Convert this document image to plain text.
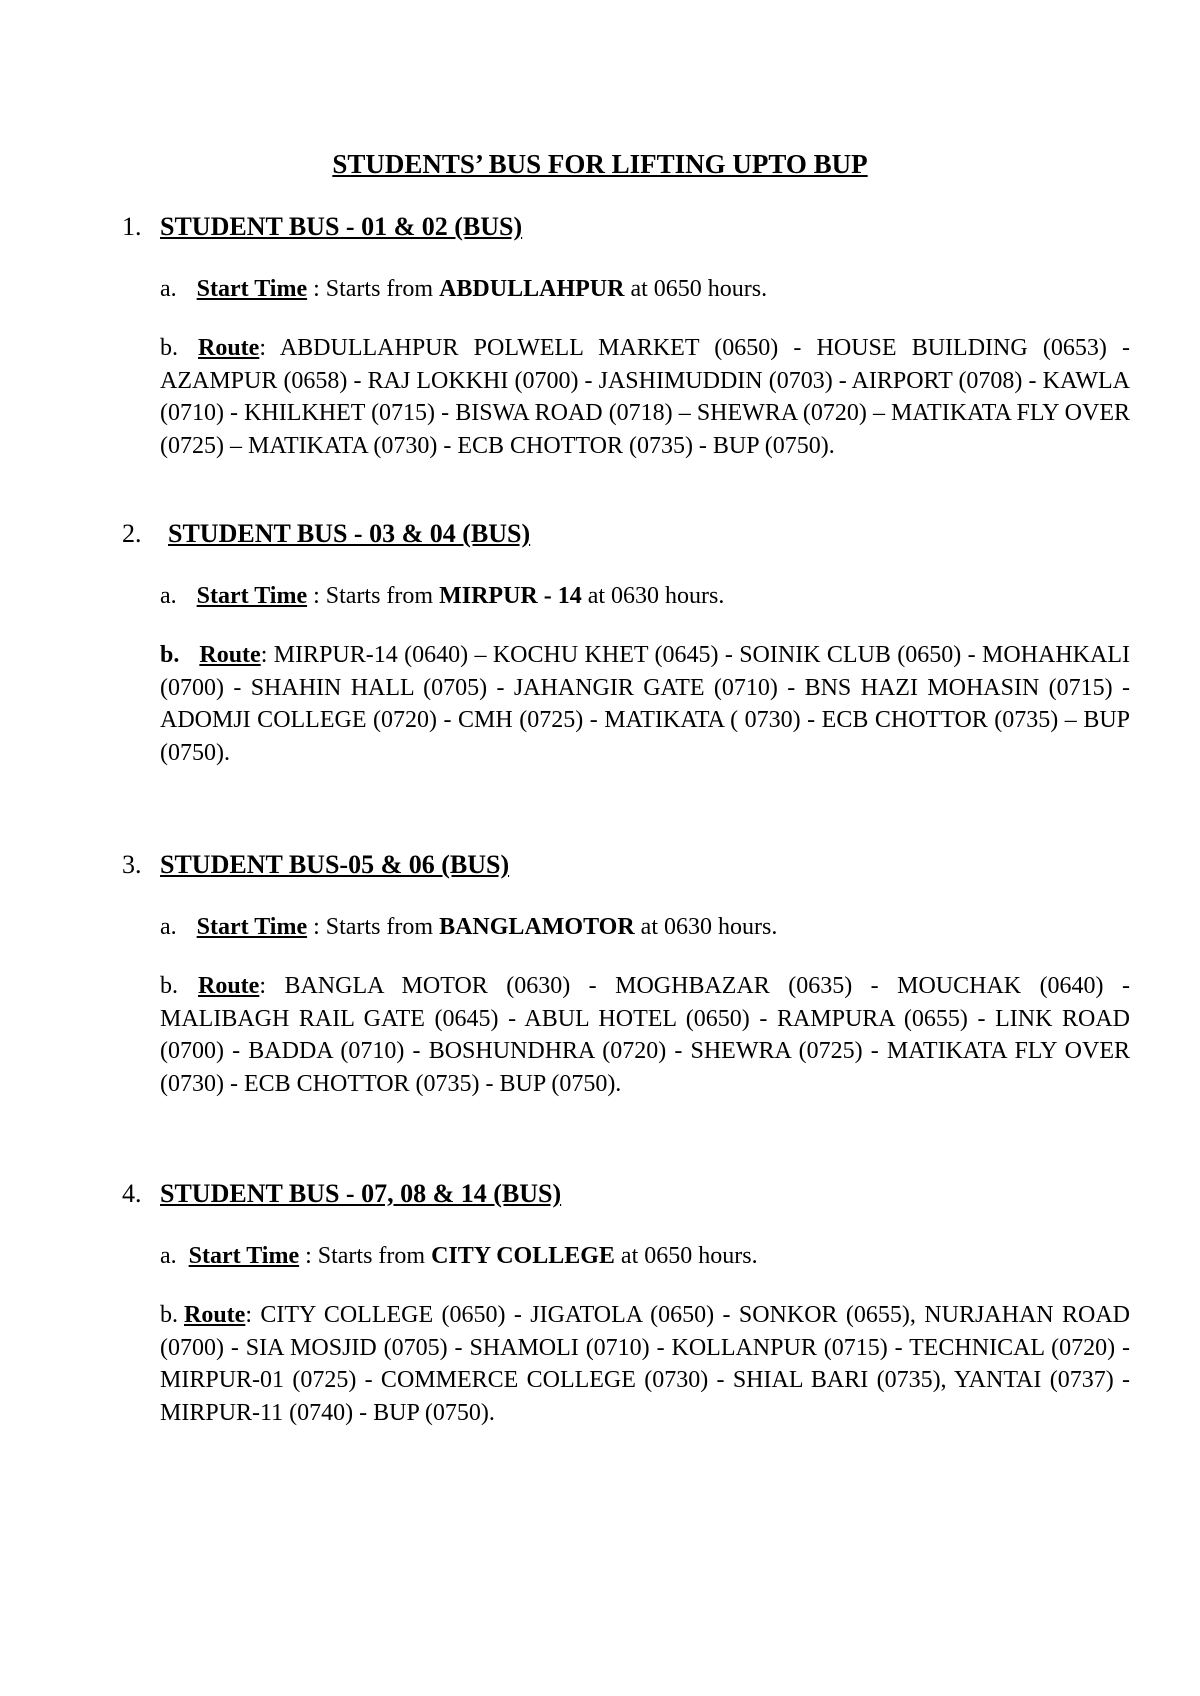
STUDENTS’ BUS FOR LIFTING UPTO BUP
1. STUDENT BUS - 01 & 02 (BUS)
a. Start Time : Starts from ABDULLAHPUR at 0650 hours.
b. Route: ABDULLAHPUR POLWELL MARKET (0650) - HOUSE BUILDING (0653) - AZAMPUR (0658) - RAJ LOKKHI (0700) - JASHIMUDDIN (0703) - AIRPORT (0708) - KAWLA (0710) - KHILKHET (0715) - BISWA ROAD (0718) – SHEWRA (0720) – MATIKATA FLY OVER (0725) – MATIKATA (0730) - ECB CHOTTOR (0735) - BUP (0750).
2. STUDENT BUS - 03 & 04 (BUS)
a. Start Time : Starts from MIRPUR - 14 at 0630 hours.
b. Route: MIRPUR-14 (0640) – KOCHU KHET (0645) - SOINIK CLUB (0650) - MOHAHKALI (0700) - SHAHIN HALL (0705) - JAHANGIR GATE (0710) - BNS HAZI MOHASIN (0715) - ADOMJI COLLEGE (0720) - CMH (0725) - MATIKATA ( 0730) - ECB CHOTTOR (0735) – BUP (0750).
3. STUDENT BUS-05 & 06 (BUS)
a. Start Time : Starts from BANGLAMOTOR at 0630 hours.
b. Route: BANGLA MOTOR (0630) - MOGHBAZAR (0635) - MOUCHAK (0640) - MALIBAGH RAIL GATE (0645) - ABUL HOTEL (0650) - RAMPURA (0655) - LINK ROAD (0700) - BADDA (0710) - BOSHUNDHRA (0720) - SHEWRA (0725) - MATIKATA FLY OVER (0730) - ECB CHOTTOR (0735) - BUP (0750).
4. STUDENT BUS - 07, 08 & 14 (BUS)
a. Start Time : Starts from CITY COLLEGE at 0650 hours.
b. Route: CITY COLLEGE (0650) - JIGATOLA (0650) - SONKOR (0655), NURJAHAN ROAD (0700) - SIA MOSJID (0705) - SHAMOLI (0710) - KOLLANPUR (0715) - TECHNICAL (0720) - MIRPUR-01 (0725) - COMMERCE COLLEGE (0730) - SHIAL BARI (0735), YANTAI (0737) - MIRPUR-11 (0740) - BUP (0750).
